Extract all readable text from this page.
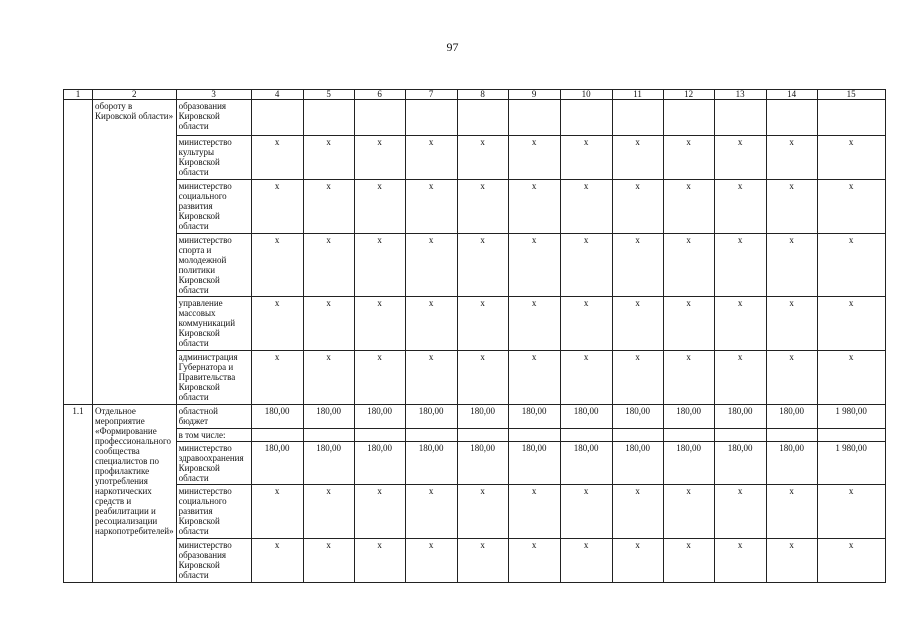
97
1	2	3	4	5	6	7	8	9	10	11	12	13	14	15
	обороту в Кировской области»	образования Кировской области												
		министерство культуры Кировской области	x	x	x	x	x	x	x	x	x	x	x	x
		министерство социального развития Кировской области	x	x	x	x	x	x	x	x	x	x	x	x
		министерство спорта и молодежной политики Кировской области	x	x	x	x	x	x	x	x	x	x	x	x
		управление массовых коммуникаций Кировской области	x	x	x	x	x	x	x	x	x	x	x	x
		администрация Губернатора и Правительства Кировской области	x	x	x	x	x	x	x	x	x	x	x	x
1.1	Отдельное мероприятие «Формирование профессионального сообщества специалистов по профилактике употребления наркотических средств и реабилитации и ресоциализации наркопотребителей»	областной бюджет	180,00	180,00	180,00	180,00	180,00	180,00	180,00	180,00	180,00	180,00	180,00	1 980,00
		в том числе:												
		министерство здравоохранения Кировской области	180,00	180,00	180,00	180,00	180,00	180,00	180,00	180,00	180,00	180,00	180,00	1 980,00
		министерство социального развития Кировской области	x	x	x	x	x	x	x	x	x	x	x	x
		министерство образования Кировской области	x	x	x	x	x	x	x	x	x	x	x	x
